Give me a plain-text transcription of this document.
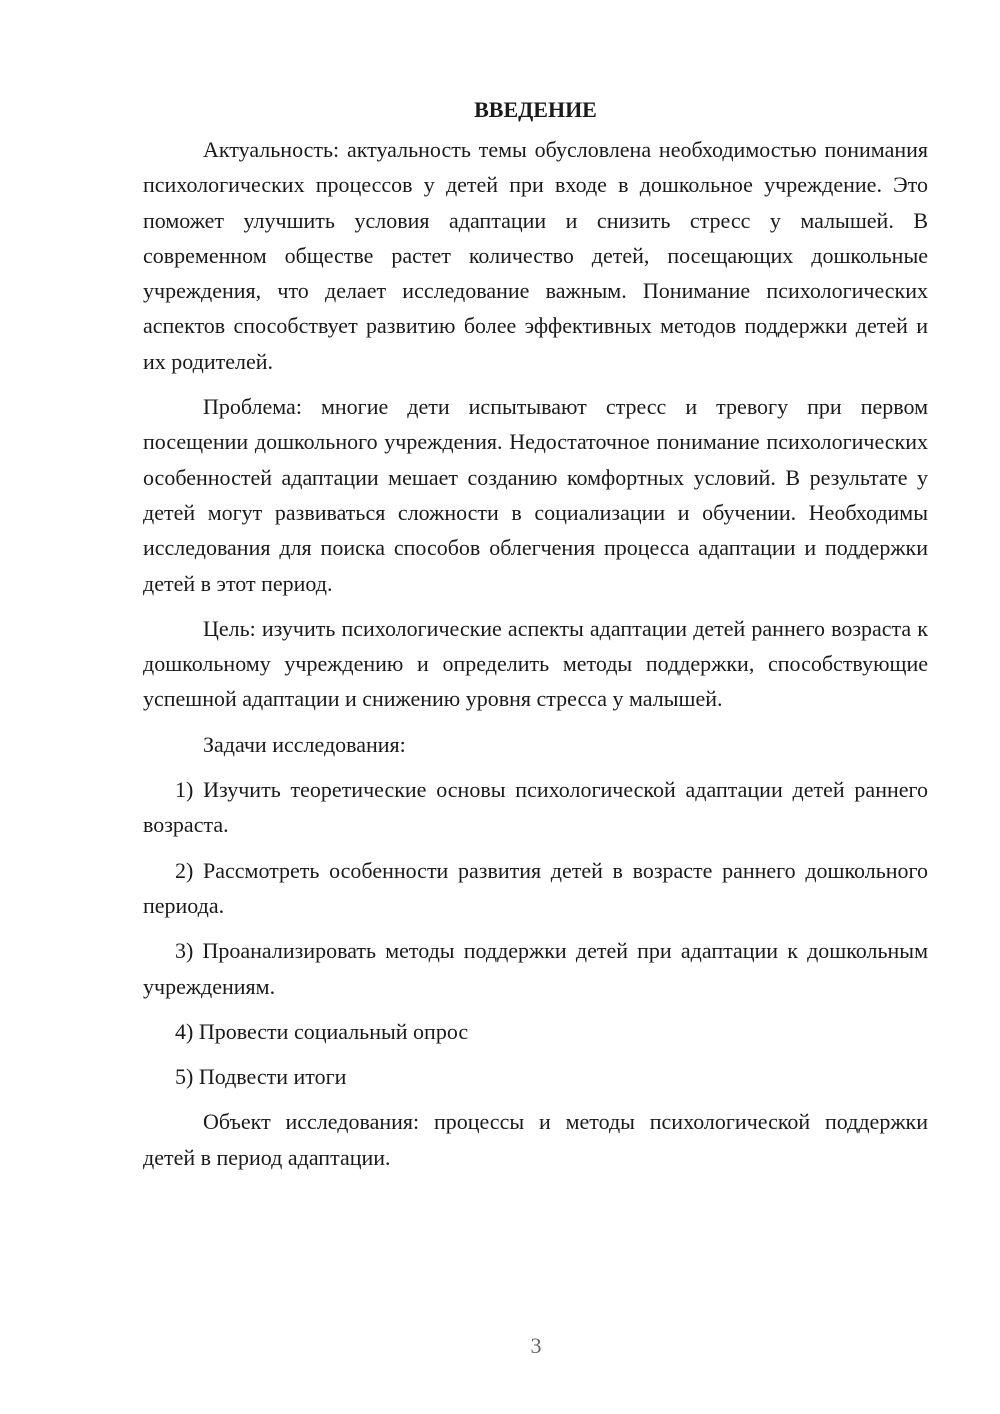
ВВЕДЕНИЕ

Актуальность: актуальность темы обусловлена необходимостью понимания психологических процессов у детей при входе в дошкольное учреждение. Это поможет улучшить условия адаптации и снизить стресс у малышей. В современном обществе растет количество детей, посещающих дошкольные учреждения, что делает исследование важным. Понимание психологических аспектов способствует развитию более эффективных методов поддержки детей и их родителей.

Проблема: многие дети испытывают стресс и тревогу при первом посещении дошкольного учреждения. Недостаточное понимание психологических особенностей адаптации мешает созданию комфортных условий. В результате у детей могут развиваться сложности в социализации и обучении. Необходимы исследования для поиска способов облегчения процесса адаптации и поддержки детей в этот период.

Цель: изучить психологические аспекты адаптации детей раннего возраста к дошкольному учреждению и определить методы поддержки, способствующие успешной адаптации и снижению уровня стресса у малышей.

Задачи исследования:

1) Изучить теоретические основы психологической адаптации детей раннего возраста.

2) Рассмотреть особенности развития детей в возрасте раннего дошкольного периода.

3) Проанализировать методы поддержки детей при адаптации к дошкольным учреждениям.

4) Провести социальный опрос

5) Подвести итоги

Объект исследования: процессы и методы психологической поддержки детей в период адаптации.

3
